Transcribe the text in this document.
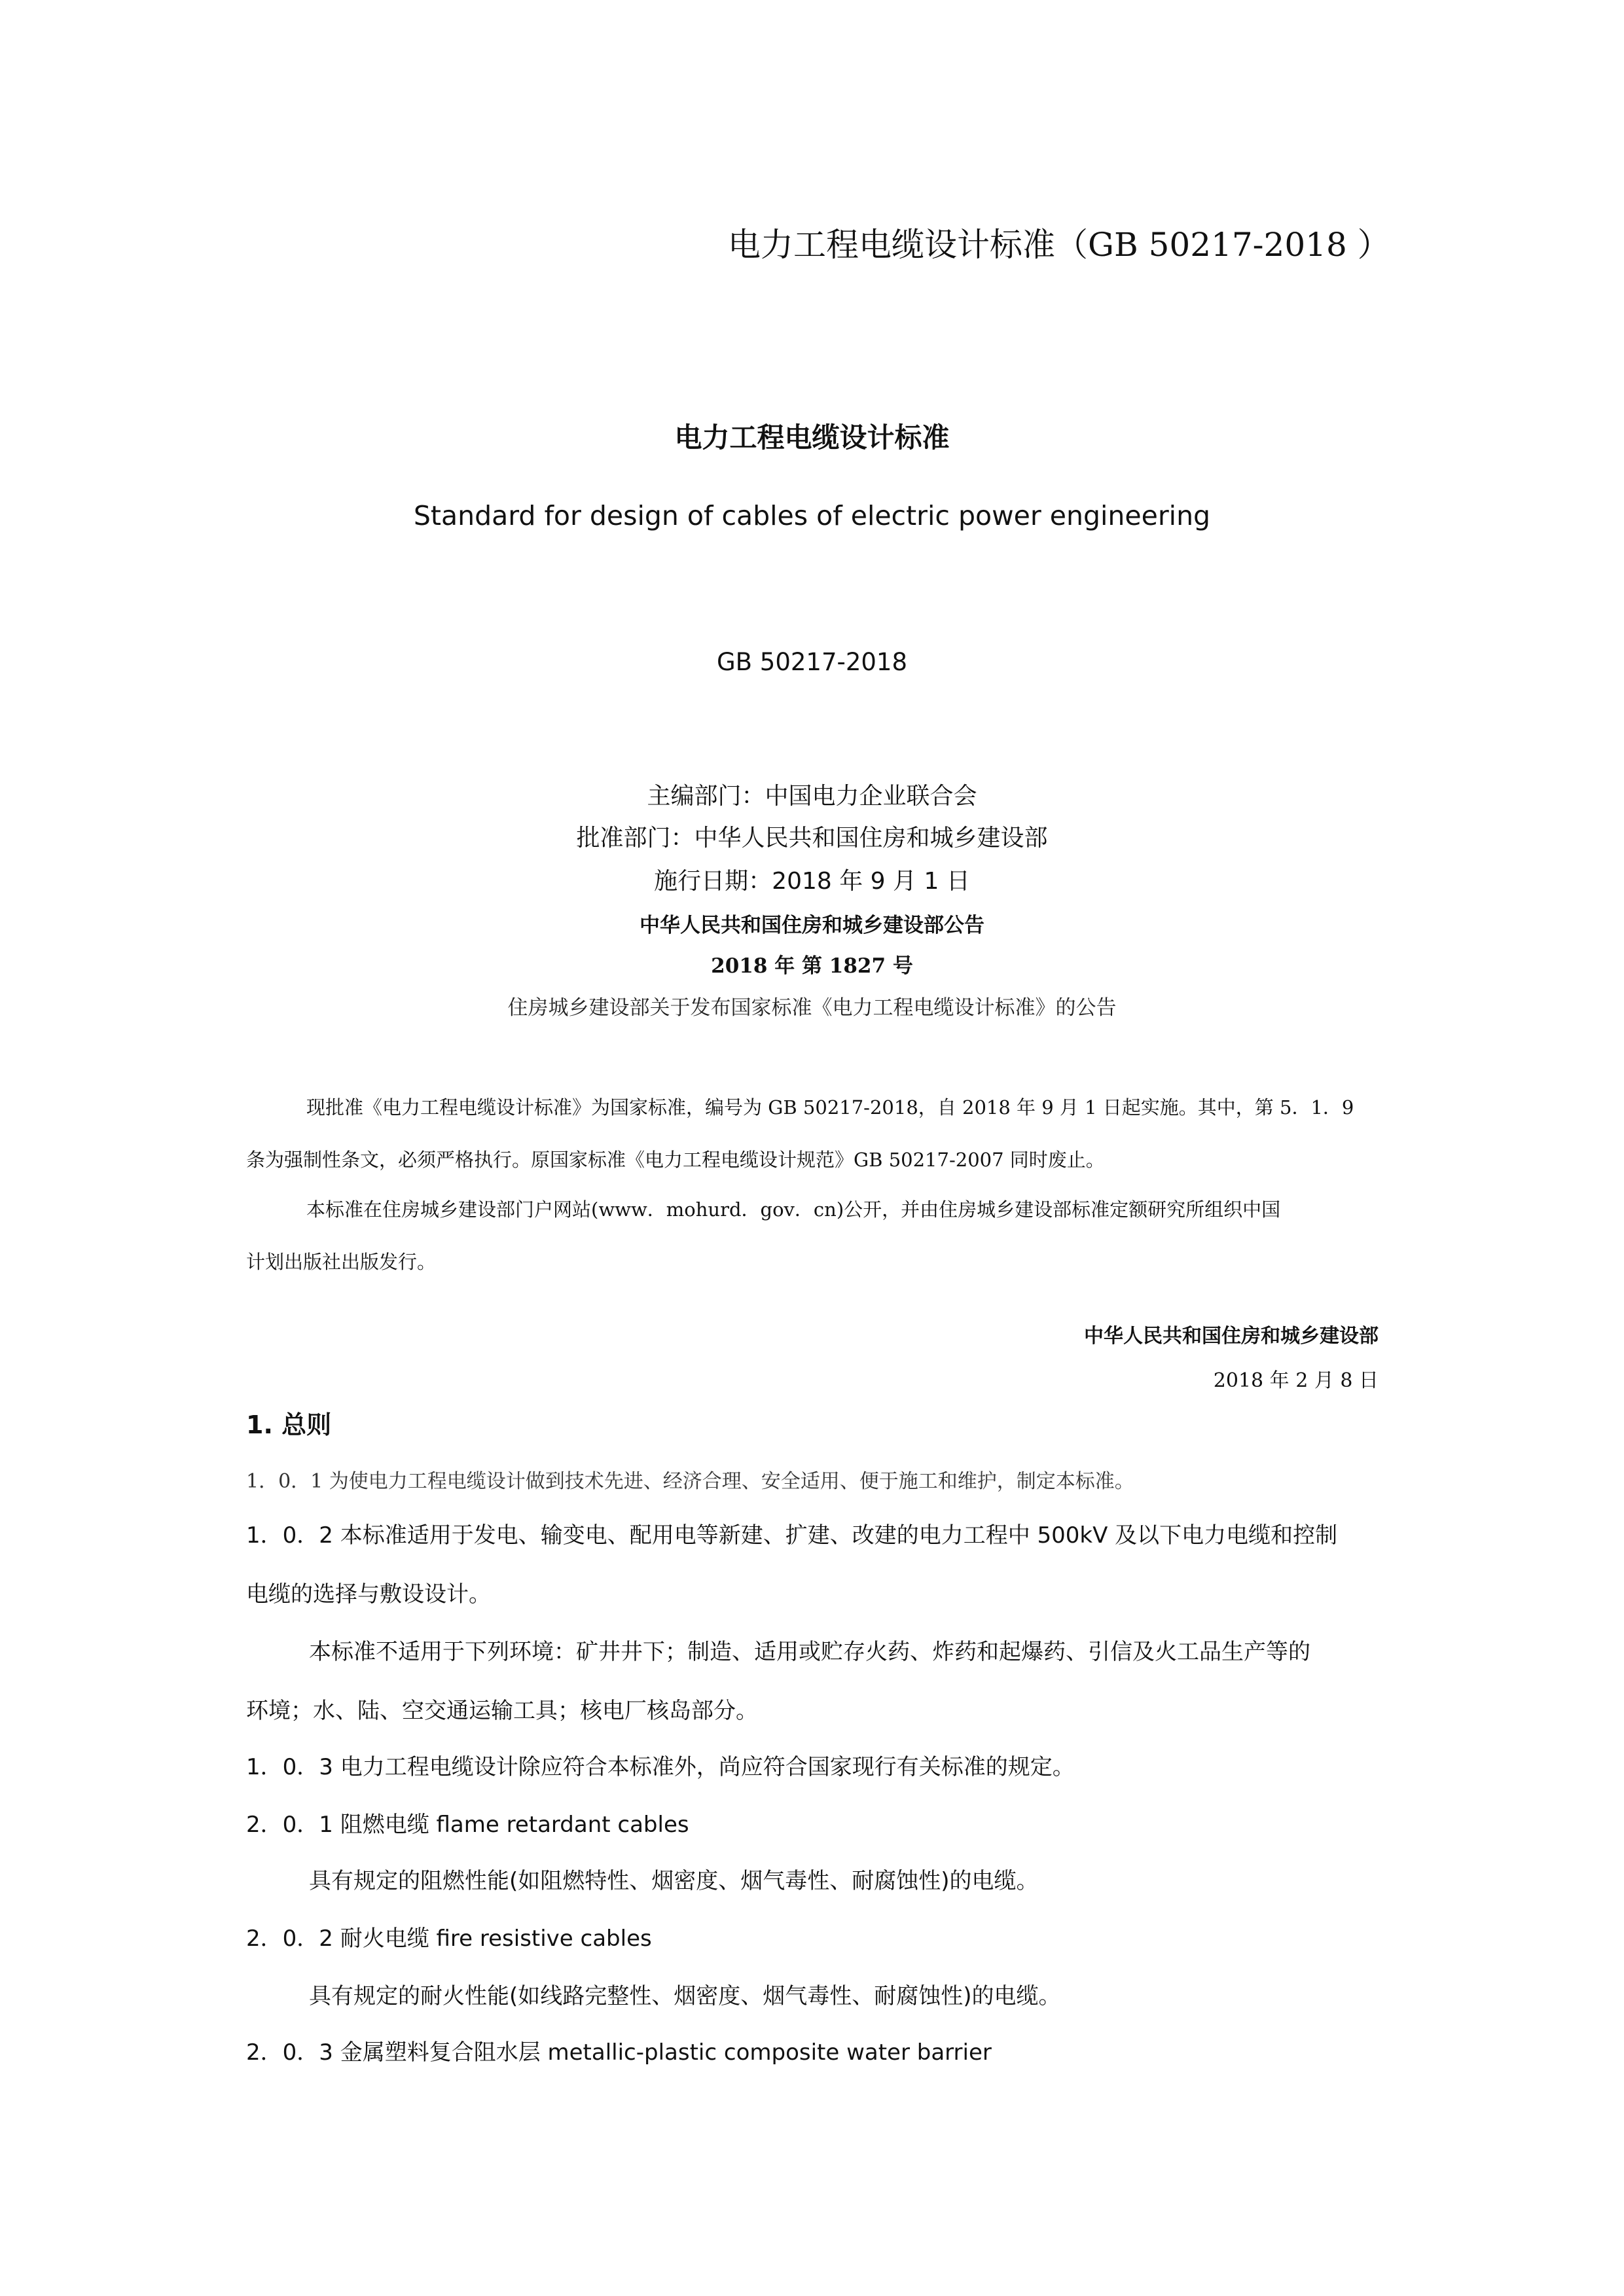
电力工程电缆设计标准（GB 50217-2018 ）
电力工程电缆设计标准
Standard for design of cables of electric power engineering
GB 50217-2018
主编部门：中国电力企业联合会
批准部门：中华人民共和国住房和城乡建设部
施行日期：2018 年 9 月 1 日
中华人民共和国住房和城乡建设部公告
2018 年 第 1827 号
住房城乡建设部关于发布国家标准《电力工程电缆设计标准》的公告
现批准《电力工程电缆设计标准》为国家标准，编号为 GB 50217-2018，自 2018 年 9 月 1 日起实施。其中，第 5．1．9
条为强制性条文，必须严格执行。原国家标准《电力工程电缆设计规范》GB 50217-2007 同时废止。
本标准在住房城乡建设部门户网站(www．mohurd．gov．cn)公开，并由住房城乡建设部标准定额研究所组织中国
计划出版社出版发行。
中华人民共和国住房和城乡建设部
2018 年 2 月 8 日
1. 总则
1．0．1 为使电力工程电缆设计做到技术先进、经济合理、安全适用、便于施工和维护，制定本标准。
1．0．2 本标准适用于发电、输变电、配用电等新建、扩建、改建的电力工程中 500kV 及以下电力电缆和控制
电缆的选择与敷设设计。
本标准不适用于下列环境：矿井井下；制造、适用或贮存火药、炸药和起爆药、引信及火工品生产等的
环境；水、陆、空交通运输工具；核电厂核岛部分。
1．0．3 电力工程电缆设计除应符合本标准外，尚应符合国家现行有关标准的规定。
2．0．1 阻燃电缆 flame retardant cables
具有规定的阻燃性能(如阻燃特性、烟密度、烟气毒性、耐腐蚀性)的电缆。
2．0．2 耐火电缆 fire resistive cables
具有规定的耐火性能(如线路完整性、烟密度、烟气毒性、耐腐蚀性)的电缆。
2．0．3 金属塑料复合阻水层 metallic-plastic composite water barrier
